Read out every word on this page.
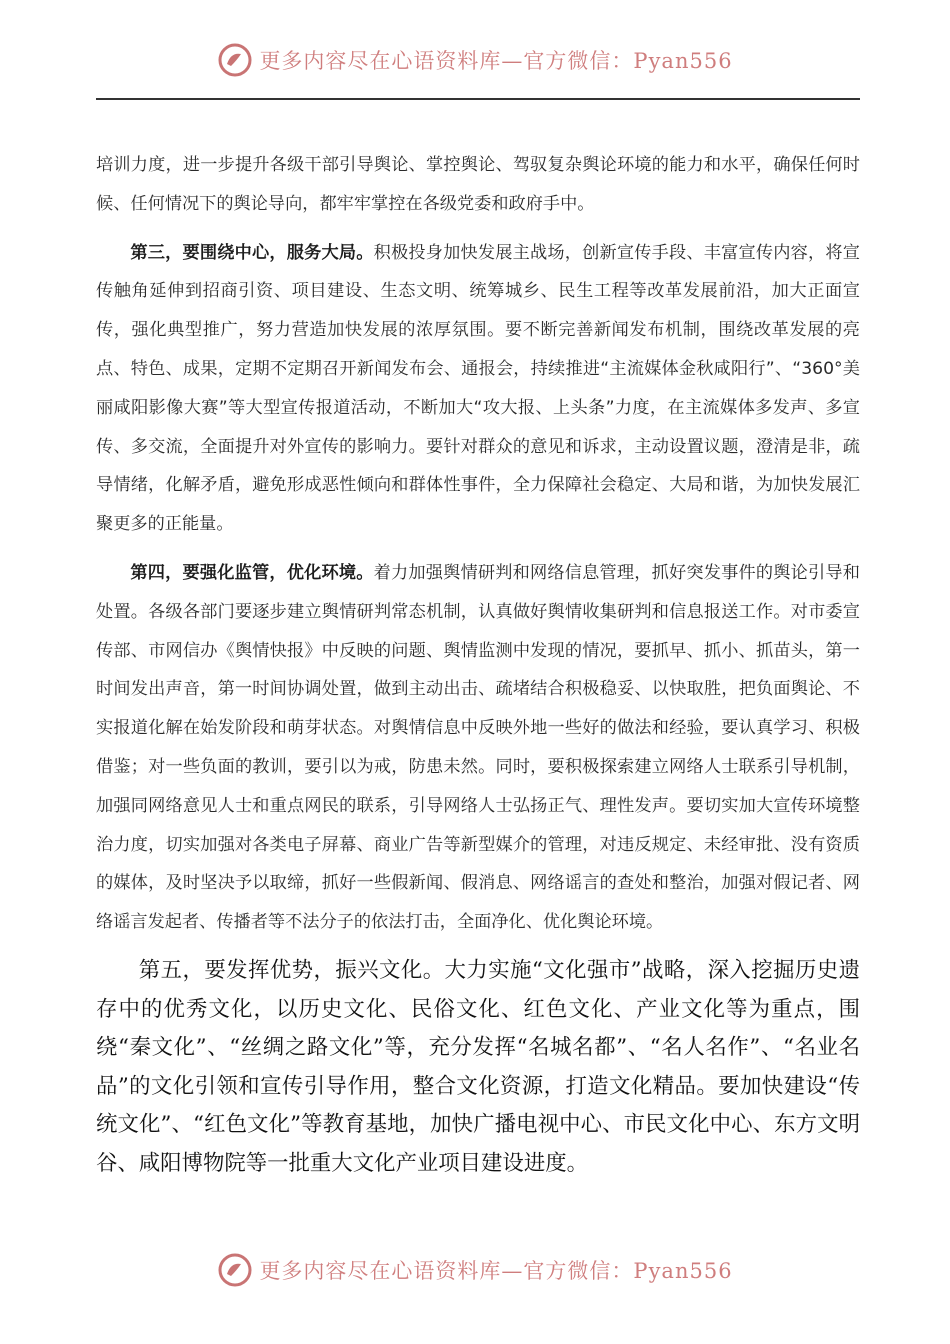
更多内容尽在心语资料库—官方微信：Pyan556

培训力度，进一步提升各级干部引导舆论、掌控舆论、驾驭复杂舆论环境的能力和水平，确保任何时候、任何情况下的舆论导向，都牢牢掌控在各级党委和政府手中。

第三，要围绕中心，服务大局。积极投身加快发展主战场，创新宣传手段、丰富宣传内容，将宣传触角延伸到招商引资、项目建设、生态文明、统筹城乡、民生工程等改革发展前沿，加大正面宣传，强化典型推广，努力营造加快发展的浓厚氛围。要不断完善新闻发布机制，围绕改革发展的亮点、特色、成果，定期不定期召开新闻发布会、通报会，持续推进“主流媒体金秋咸阳行”、“360°美丽咸阳影像大赛”等大型宣传报道活动，不断加大“攻大报、上头条”力度，在主流媒体多发声、多宣传、多交流，全面提升对外宣传的影响力。要针对群众的意见和诉求，主动设置议题，澄清是非，疏导情绪，化解矛盾，避免形成恶性倾向和群体性事件，全力保障社会稳定、大局和谐，为加快发展汇聚更多的正能量。

第四，要强化监管，优化环境。着力加强舆情研判和网络信息管理，抓好突发事件的舆论引导和处置。各级各部门要逐步建立舆情研判常态机制，认真做好舆情收集研判和信息报送工作。对市委宣传部、市网信办《舆情快报》中反映的问题、舆情监测中发现的情况，要抓早、抓小、抓苗头，第一时间发出声音，第一时间协调处置，做到主动出击、疏堵结合积极稳妥、以快取胜，把负面舆论、不实报道化解在始发阶段和萌芽状态。对舆情信息中反映外地一些好的做法和经验，要认真学习、积极借鉴；对一些负面的教训，要引以为戒，防患未然。同时，要积极探索建立网络人士联系引导机制，加强同网络意见人士和重点网民的联系，引导网络人士弘扬正气、理性发声。要切实加大宣传环境整治力度，切实加强对各类电子屏幕、商业广告等新型媒介的管理，对违反规定、未经审批、没有资质的媒体，及时坚决予以取缔，抓好一些假新闻、假消息、网络谣言的查处和整治，加强对假记者、网络谣言发起者、传播者等不法分子的依法打击，全面净化、优化舆论环境。

第五，要发挥优势，振兴文化。大力实施“文化强市”战略，深入挖掘历史遗存中的优秀文化，以历史文化、民俗文化、红色文化、产业文化等为重点，围绕“秦文化”、“丝绸之路文化”等，充分发挥“名城名都”、“名人名作”、“名业名品”的文化引领和宣传引导作用，整合文化资源，打造文化精品。要加快建设“传统文化”、“红色文化”等教育基地，加快广播电视中心、市民文化中心、东方文明谷、咸阳博物院等一批重大文化产业项目建设进度。

更多内容尽在心语资料库—官方微信：Pyan556
